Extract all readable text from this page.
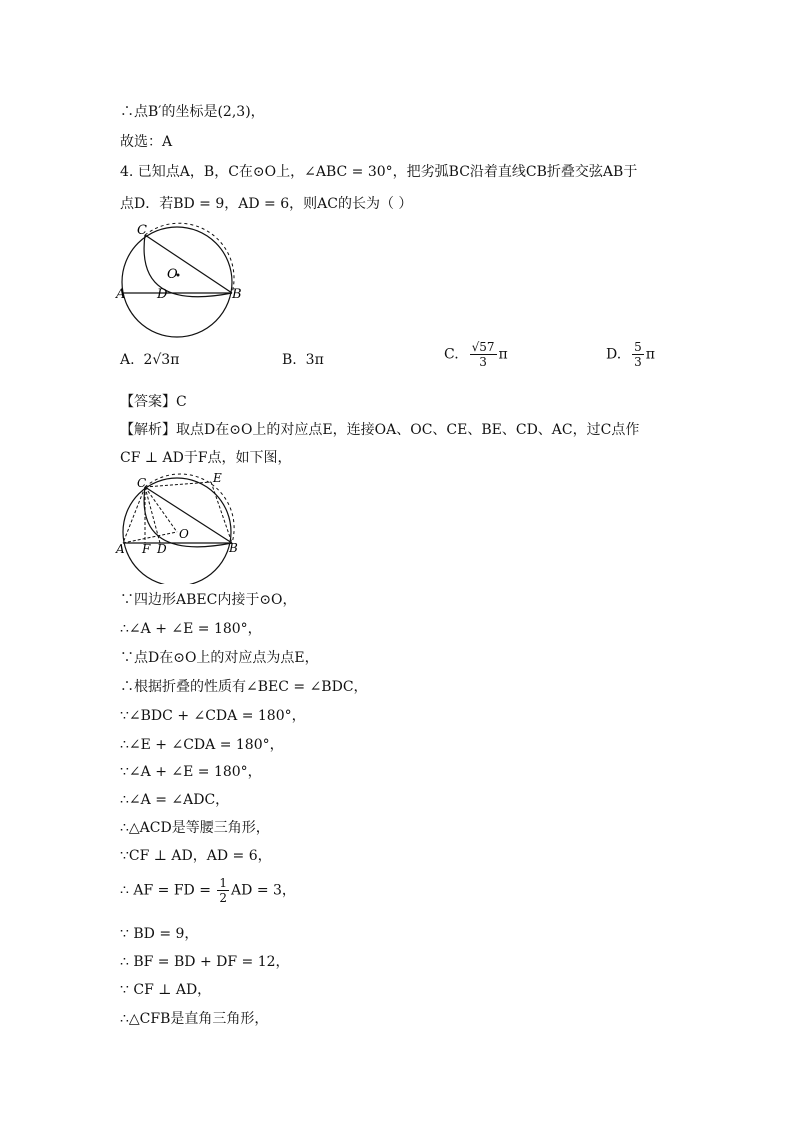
∴点B′的坐标是(2,3)，
故选：A
4. 已知点A，B，C在⊙O上，∠ABC = 30°，把劣弧BC沿着直线CB折叠交弦AB于
点D．若BD = 9，AD = 6，则AC的长为（ ）
C
O
A D	B
A. 2√3π	B. 3π	C. $\frac{√57}{3}$ π	D. $\frac{5}{3}$ π
【答案】C
【解析】取点D在⊙O上的对应点E，连接OA、OC、CE、BE、CD、AC，过C点作
CF ⊥ AD于F点，如下图，
C	E
O
A F D	B
∵四边形ABEC内接于⊙O，
∴∠A + ∠E = 180°，
∵点D在⊙O上的对应点为点E，
∴根据折叠的性质有∠BEC = ∠BDC，
∵∠BDC + ∠CDA = 180°，
∴∠E + ∠CDA = 180°，
∵∠A + ∠E = 180°，
∴∠A = ∠ADC，
∴△ACD是等腰三角形，
∵CF ⊥ AD，AD = 6，
∴ AF = FD = $\frac{1}{2}$ AD = 3，
∵ BD = 9，
∴ BF = BD + DF = 12，
∵ CF ⊥ AD，
∴△CFB是直角三角形，
